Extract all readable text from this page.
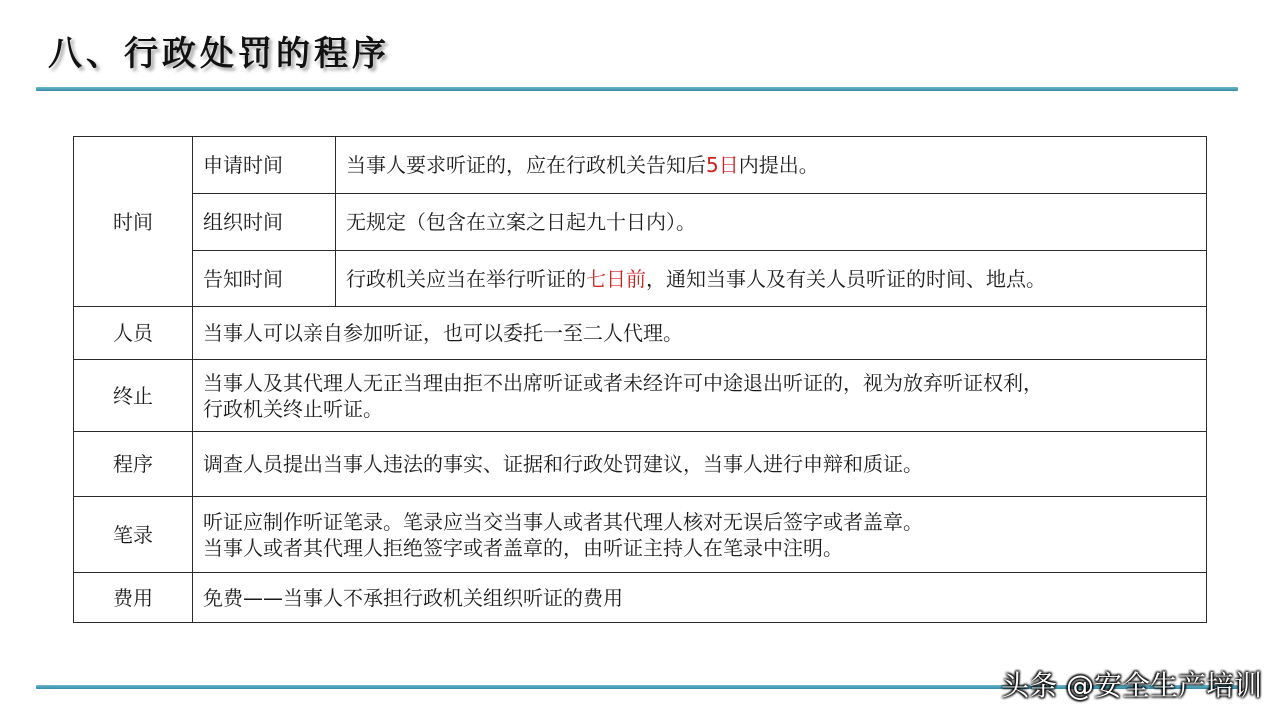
八、行政处罚的程序
时间	申请时间	当事人要求听证的，应在行政机关告知后5日内提出。
	组织时间	无规定（包含在立案之日起九十日内）。
	告知时间	行政机关应当在举行听证的七日前，通知当事人及有关人员听证的时间、地点。
人员	当事人可以亲自参加听证，也可以委托一至二人代理。	
终止	当事人及其代理人无正当理由拒不出席听证或者未经许可中途退出听证的，视为放弃听证权利，
行政机关终止听证。	

程序	调查人员提出当事人违法的事实、证据和行政处罚建议，当事人进行申辩和质证。	
笔录	听证应制作听证笔录。笔录应当交当事人或者其代理人核对无误后签字或者盖章。
当事人或者其代理人拒绝签字或者盖章的，由听证主持人在笔录中注明。	

费用	免费——当事人不承担行政机关组织听证的费用	
头条 @安全生产培训
